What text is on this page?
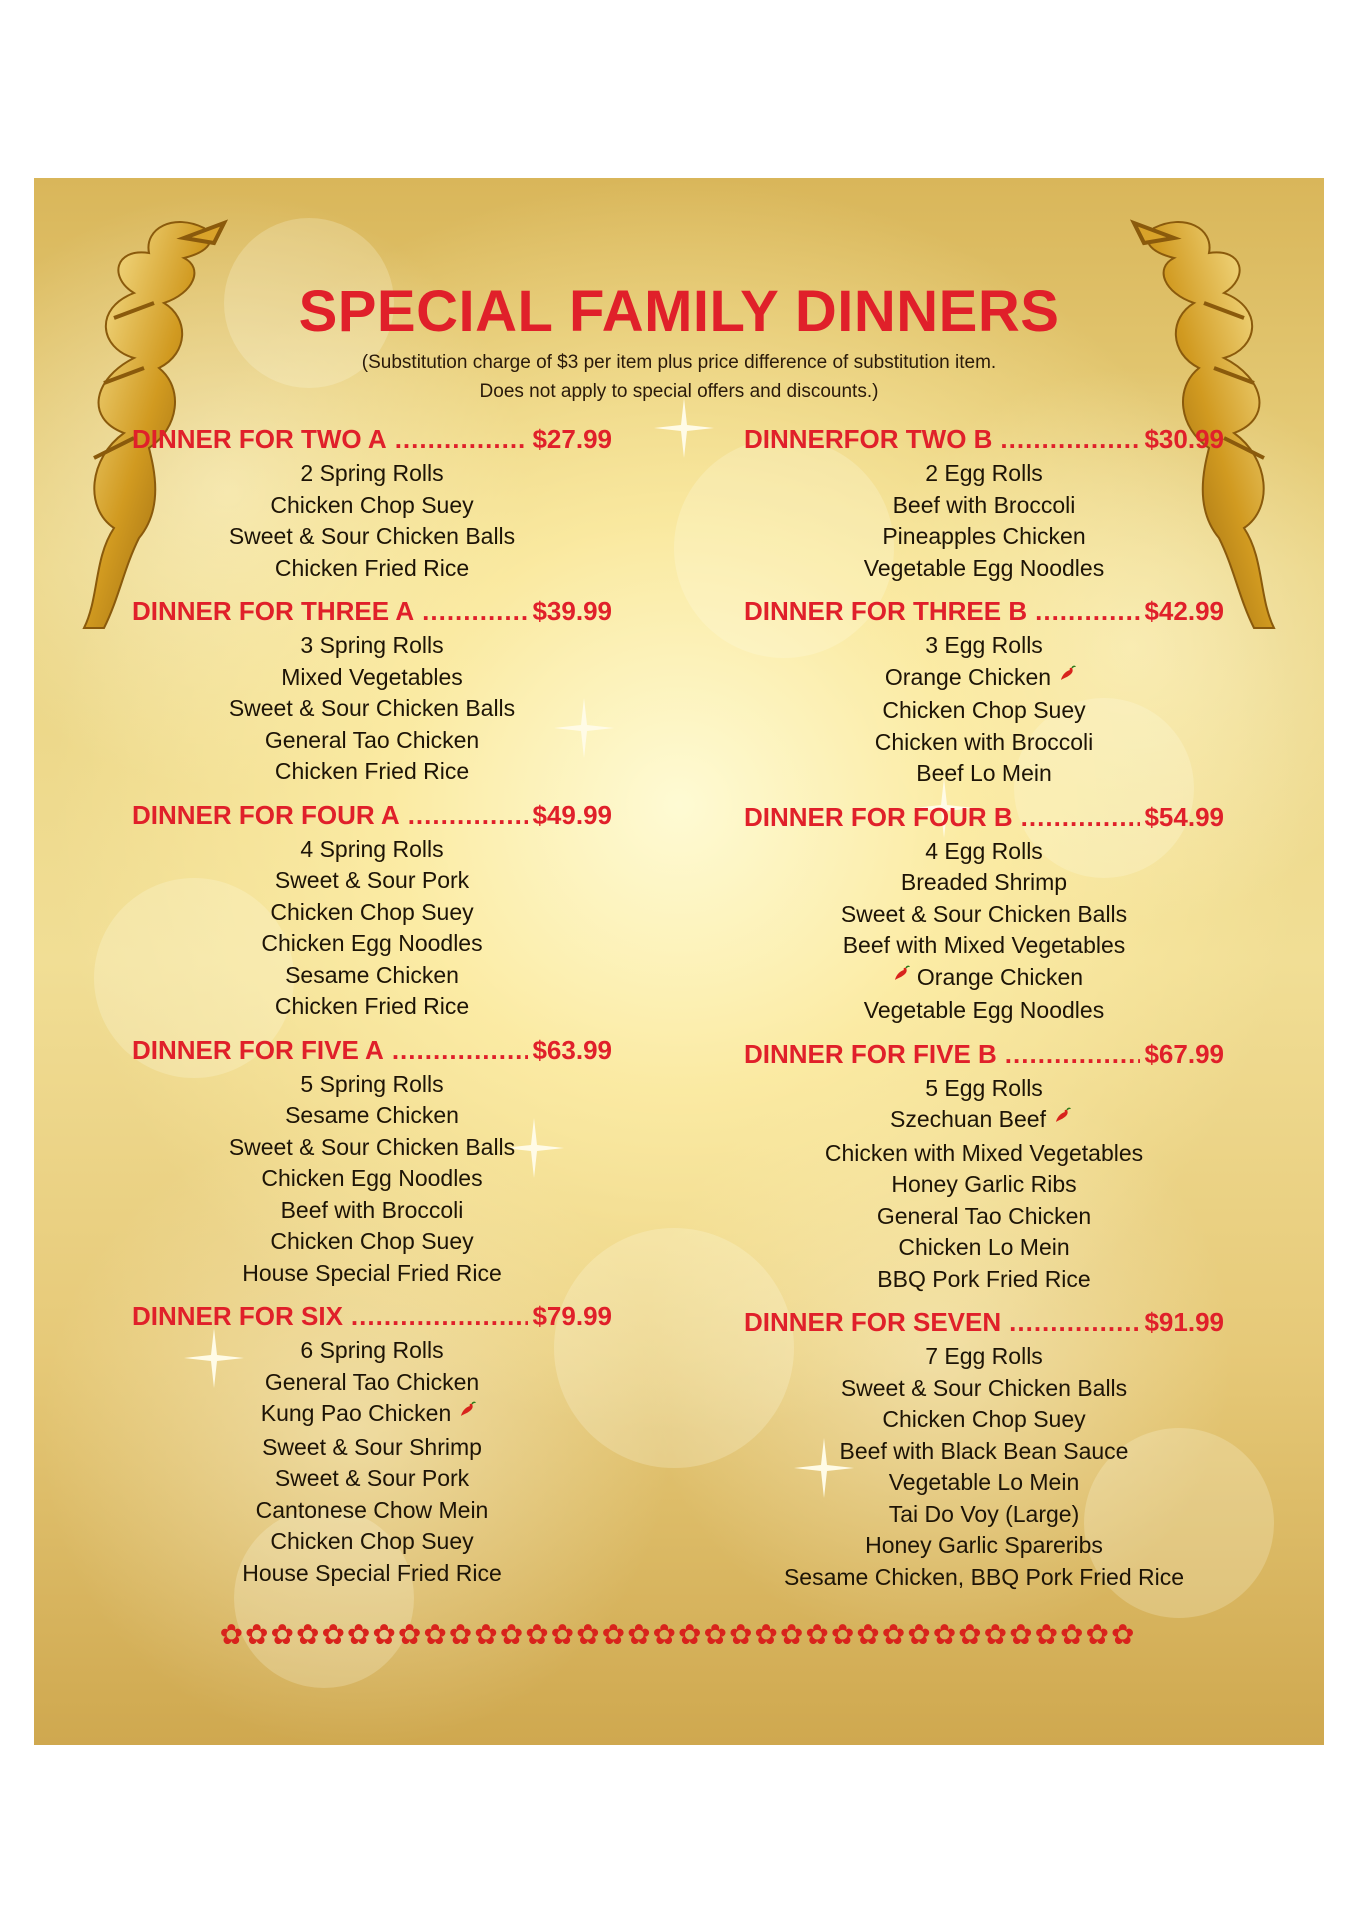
SPECIAL FAMILY DINNERS
(Substitution charge of $3 per item plus price difference of substitution item.
Does not apply to special offers and discounts.)
DINNER FOR TWO A .....	$27.99
2 Spring Rolls
Chicken Chop Suey
Sweet & Sour Chicken Balls
Chicken Fried Rice
DINNER FOR THREE A .....	$39.99
3 Spring Rolls
Mixed Vegetables
Sweet & Sour Chicken Balls
General Tao Chicken
Chicken Fried Rice
DINNER FOR FOUR A .....	$49.99
4 Spring Rolls
Sweet & Sour Pork
Chicken Chop Suey
Chicken Egg Noodles
Sesame Chicken
Chicken Fried Rice
DINNER FOR FIVE A .....	$63.99
5 Spring Rolls
Sesame Chicken
Sweet & Sour Chicken Balls
Chicken Egg Noodles
Beef with Broccoli
Chicken Chop Suey
House Special Fried Rice
DINNER FOR SIX .....	$79.99
6 Spring Rolls
General Tao Chicken
Kung Pao Chicken
Sweet & Sour Shrimp
Sweet & Sour Pork
Cantonese Chow Mein
Chicken Chop Suey
House Special Fried Rice
DINNERFOR TWO B .....	$30.99
2 Egg Rolls
Beef with Broccoli
Pineapples Chicken
Vegetable Egg Noodles
DINNER FOR THREE B .....	$42.99
3 Egg Rolls
Orange Chicken
Chicken Chop Suey
Chicken with Broccoli
Beef Lo Mein
DINNER FOR FOUR B .....	$54.99
4 Egg Rolls
Breaded Shrimp
Sweet & Sour Chicken Balls
Beef with Mixed Vegetables
Orange Chicken
Vegetable Egg Noodles
DINNER FOR FIVE B .....	$67.99
5 Egg Rolls
Szechuan Beef
Chicken with Mixed Vegetables
Honey Garlic Ribs
General Tao Chicken
Chicken Lo Mein
BBQ Pork Fried Rice
DINNER FOR SEVEN .....	$91.99
7 Egg Rolls
Sweet & Sour Chicken Balls
Chicken Chop Suey
Beef with Black Bean Sauce
Vegetable Lo Mein
Tai Do Voy (Large)
Honey Garlic Spareribs
Sesame Chicken, BBQ Pork Fried Rice
✿✿✿✿✿✿✿✿✿✿✿✿✿✿✿✿✿✿✿✿✿✿✿✿✿✿✿✿✿✿✿✿✿✿✿✿
